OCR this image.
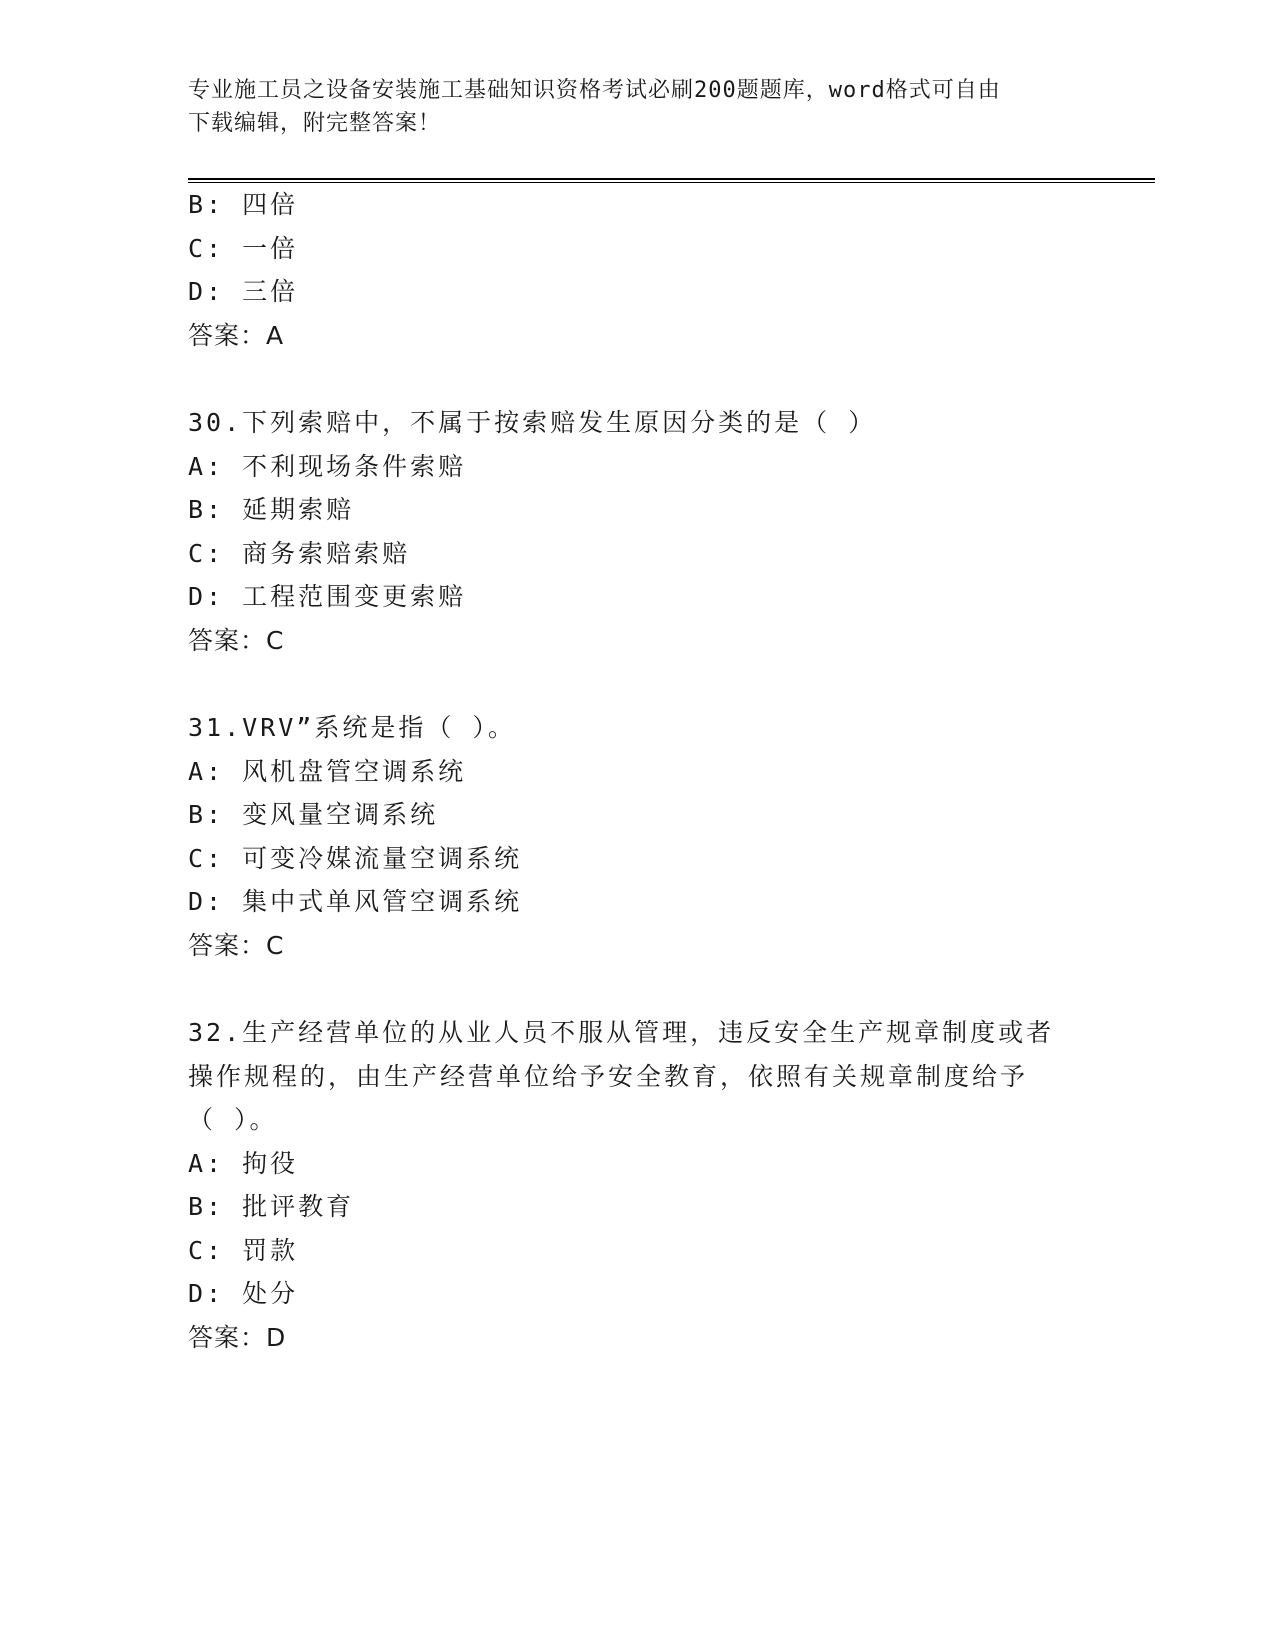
专业施工员之设备安装施工基础知识资格考试必刷200题题库，word格式可自由
下载编辑，附完整答案！
B: 四倍
C: 一倍
D: 三倍
答案：A
30.下列索赔中，不属于按索赔发生原因分类的是（ ）
A: 不利现场条件索赔
B: 延期索赔
C: 商务索赔索赔
D: 工程范围变更索赔
答案：C
31.VRV”系统是指（ ）。
A: 风机盘管空调系统
B: 变风量空调系统
C: 可变冷媒流量空调系统
D: 集中式单风管空调系统
答案：C
32.生产经营单位的从业人员不服从管理，违反安全生产规章制度或者
操作规程的，由生产经营单位给予安全教育，依照有关规章制度给予
（ ）。
A: 拘役
B: 批评教育
C: 罚款
D: 处分
答案：D
